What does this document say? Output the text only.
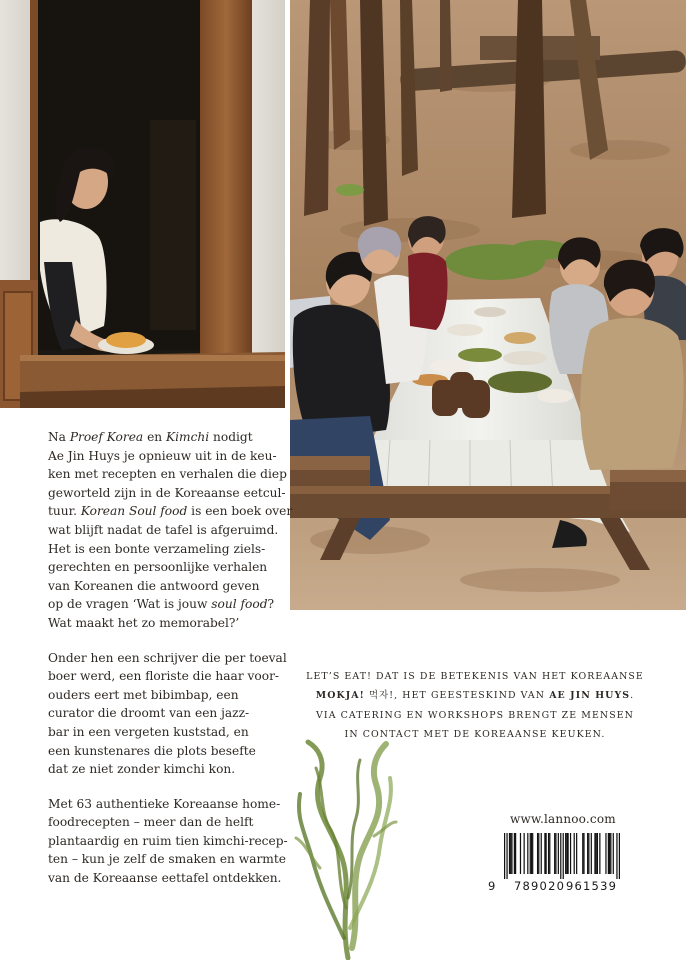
Na Proef Korea en Kimchi nodigt
Ae Jin Huys je opnieuw uit in de keu-
ken met recepten en verhalen die diep
geworteld zijn in de Koreaanse eetcul-
tuur. Korean Soul food is een boek over
wat blijft nadat de tafel is afgeruimd.
Het is een bonte verzameling ziels-
gerechten en persoonlijke verhalen
van Koreanen die antwoord geven
op de vragen ‘Wat is jouw soul food?
Wat maakt het zo memorabel?’

Onder hen een schrijver die per toeval
boer werd, een floriste die haar voor-
ouders eert met bibimbap, een
curator die droomt van een jazz-
bar in een vergeten kuststad, en
een kunstenares die plots besefte
dat ze niet zonder kimchi kon.

Met 63 authentieke Koreaanse home-
foodrecepten – meer dan de helft
plantaardig en ruim tien kimchi-recep-
ten – kun je zelf de smaken en warmte
van de Koreaanse eettafel ontdekken.

LET’S EAT! DAT IS DE BETEKENIS VAN HET KOREAANSE
MOKJA! 먹자!, HET GEESTESKIND VAN AE JIN HUYS.
VIA CATERING EN WORKSHOPS BRENGT ZE MENSEN
IN CONTACT MET DE KOREAANSE KEUKEN.
www.lannoo.com
9 789020 961539
